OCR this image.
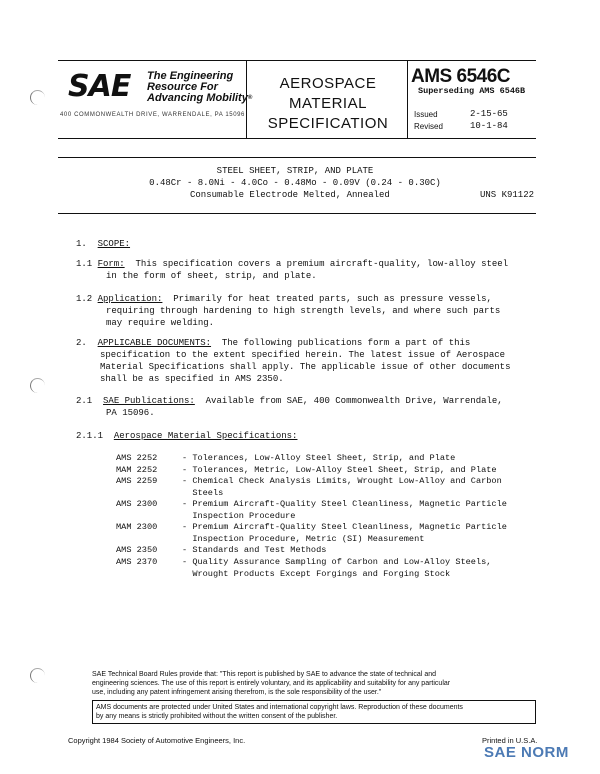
SAE	The Engineering
Resource For
Advancing Mobility®
400 COMMONWEALTH DRIVE, WARRENDALE, PA 15096
AEROSPACE
MATERIAL
SPECIFICATION
AMS 6546C
Superseding AMS 6546B
Issued	2-15-65
Revised	10-1-84
STEEL SHEET, STRIP, AND PLATE
0.48Cr - 8.0Ni - 4.0Co - 0.48Mo - 0.09V (0.24 - 0.30C)
Consumable Electrode Melted, Annealed	UNS K91122
1. SCOPE:
1.1 Form: This specification covers a premium aircraft-quality, low-alloy steel
in the form of sheet, strip, and plate.
1.2 Application: Primarily for heat treated parts, such as pressure vessels,
requiring through hardening to high strength levels, and where such parts
may require welding.
2. APPLICABLE DOCUMENTS: The following publications form a part of this
specification to the extent specified herein. The latest issue of Aerospace
Material Specifications shall apply. The applicable issue of other documents
shall be as specified in AMS 2350.
2.1 SAE Publications: Available from SAE, 400 Commonwealth Drive, Warrendale,
PA 15096.
2.1.1 Aerospace Material Specifications:
AMS 2252	- Tolerances, Low-Alloy Steel Sheet, Strip, and Plate
MAM 2252	- Tolerances, Metric, Low-Alloy Steel Sheet, Strip, and Plate
AMS 2259	- Chemical Check Analysis Limits, Wrought Low-Alloy and Carbon
Steels
AMS 2300	- Premium Aircraft-Quality Steel Cleanliness, Magnetic Particle
Inspection Procedure
MAM 2300	- Premium Aircraft-Quality Steel Cleanliness, Magnetic Particle
Inspection Procedure, Metric (SI) Measurement
AMS 2350	- Standards and Test Methods
AMS 2370	- Quality Assurance Sampling of Carbon and Low-Alloy Steels,
Wrought Products Except Forgings and Forging Stock
SAE Technical Board Rules provide that: "This report is published by SAE to advance the state of technical and
engineering sciences. The use of this report is entirely voluntary, and its applicability and suitability for any particular
use, including any patent infringement arising therefrom, is the sole responsibility of the user."
AMS documents are protected under United States and international copyright laws. Reproduction of these documents
by any means is strictly prohibited without the written consent of the publisher.
Copyright 1984 Society of Automotive Engineers, Inc.	Printed in U.S.A.
SAE NORM
